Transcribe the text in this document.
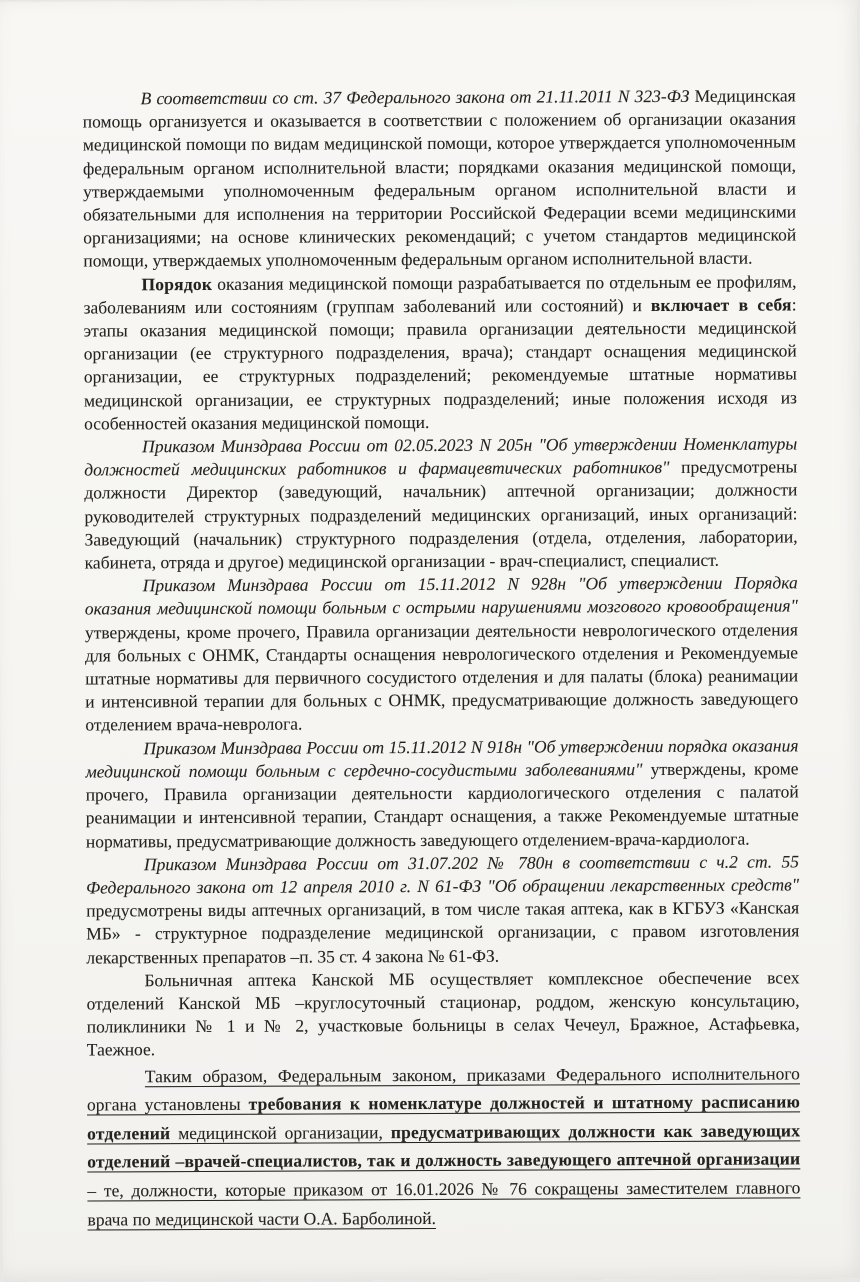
В соответствии со ст. 37 Федерального закона от 21.11.2011 N 323-ФЗ Медицинская помощь организуется и оказывается в соответствии с положением об организации оказания медицинской помощи по видам медицинской помощи, которое утверждается уполномоченным федеральным органом исполнительной власти; порядками оказания медицинской помощи, утверждаемыми уполномоченным федеральным органом исполнительной власти и обязательными для исполнения на территории Российской Федерации всеми медицинскими организациями; на основе клинических рекомендаций; с учетом стандартов медицинской помощи, утверждаемых уполномоченным федеральным органом исполнительной власти.

Порядок оказания медицинской помощи разрабатывается по отдельным ее профилям, заболеваниям или состояниям (группам заболеваний или состояний) и включает в себя: этапы оказания медицинской помощи; правила организации деятельности медицинской организации (ее структурного подразделения, врача); стандарт оснащения медицинской организации, ее структурных подразделений; рекомендуемые штатные нормативы медицинской организации, ее структурных подразделений; иные положения исходя из особенностей оказания медицинской помощи.

Приказом Минздрава России от 02.05.2023 N 205н "Об утверждении Номенклатуры должностей медицинских работников и фармацевтических работников" предусмотрены должности Директор (заведующий, начальник) аптечной организации; должности руководителей структурных подразделений медицинских организаций, иных организаций: Заведующий (начальник) структурного подразделения (отдела, отделения, лаборатории, кабинета, отряда и другое) медицинской организации - врач-специалист, специалист.

Приказом Минздрава России от 15.11.2012 N 928н "Об утверждении Порядка оказания медицинской помощи больным с острыми нарушениями мозгового кровообращения" утверждены, кроме прочего, Правила организации деятельности неврологического отделения для больных с ОНМК, Стандарты оснащения неврологического отделения и Рекомендуемые штатные нормативы для первичного сосудистого отделения и для палаты (блока) реанимации и интенсивной терапии для больных с ОНМК, предусматривающие должность заведующего отделением врача-невролога.

Приказом Минздрава России от 15.11.2012 N 918н "Об утверждении порядка оказания медицинской помощи больным с сердечно-сосудистыми заболеваниями" утверждены, кроме прочего, Правила организации деятельности кардиологического отделения с палатой реанимации и интенсивной терапии, Стандарт оснащения, а также Рекомендуемые штатные нормативы, предусматривающие должность заведующего отделением-врача-кардиолога.

Приказом Минздрава России от 31.07.202 № 780н в соответствии с ч.2 ст. 55 Федерального закона от 12 апреля 2010 г. N 61-ФЗ "Об обращении лекарственных средств" предусмотрены виды аптечных организаций, в том числе такая аптека, как в КГБУЗ «Канская МБ» - структурное подразделение медицинской организации, с правом изготовления лекарственных препаратов –п. 35 ст. 4 закона № 61-ФЗ.

Больничная аптека Канской МБ осуществляет комплексное обеспечение всех отделений Канской МБ –круглосуточный стационар, роддом, женскую консультацию, поликлиники № 1 и № 2, участковые больницы в селах Чечеул, Бражное, Астафьевка, Таежное.

Таким образом, Федеральным законом, приказами Федерального исполнительного органа установлены требования к номенклатуре должностей и штатному расписанию отделений медицинской организации, предусматривающих должности как заведующих отделений –врачей-специалистов, так и должность заведующего аптечной организации – те, должности, которые приказом от 16.01.2026 № 76 сокращены заместителем главного врача по медицинской части О.А. Барболиной.
